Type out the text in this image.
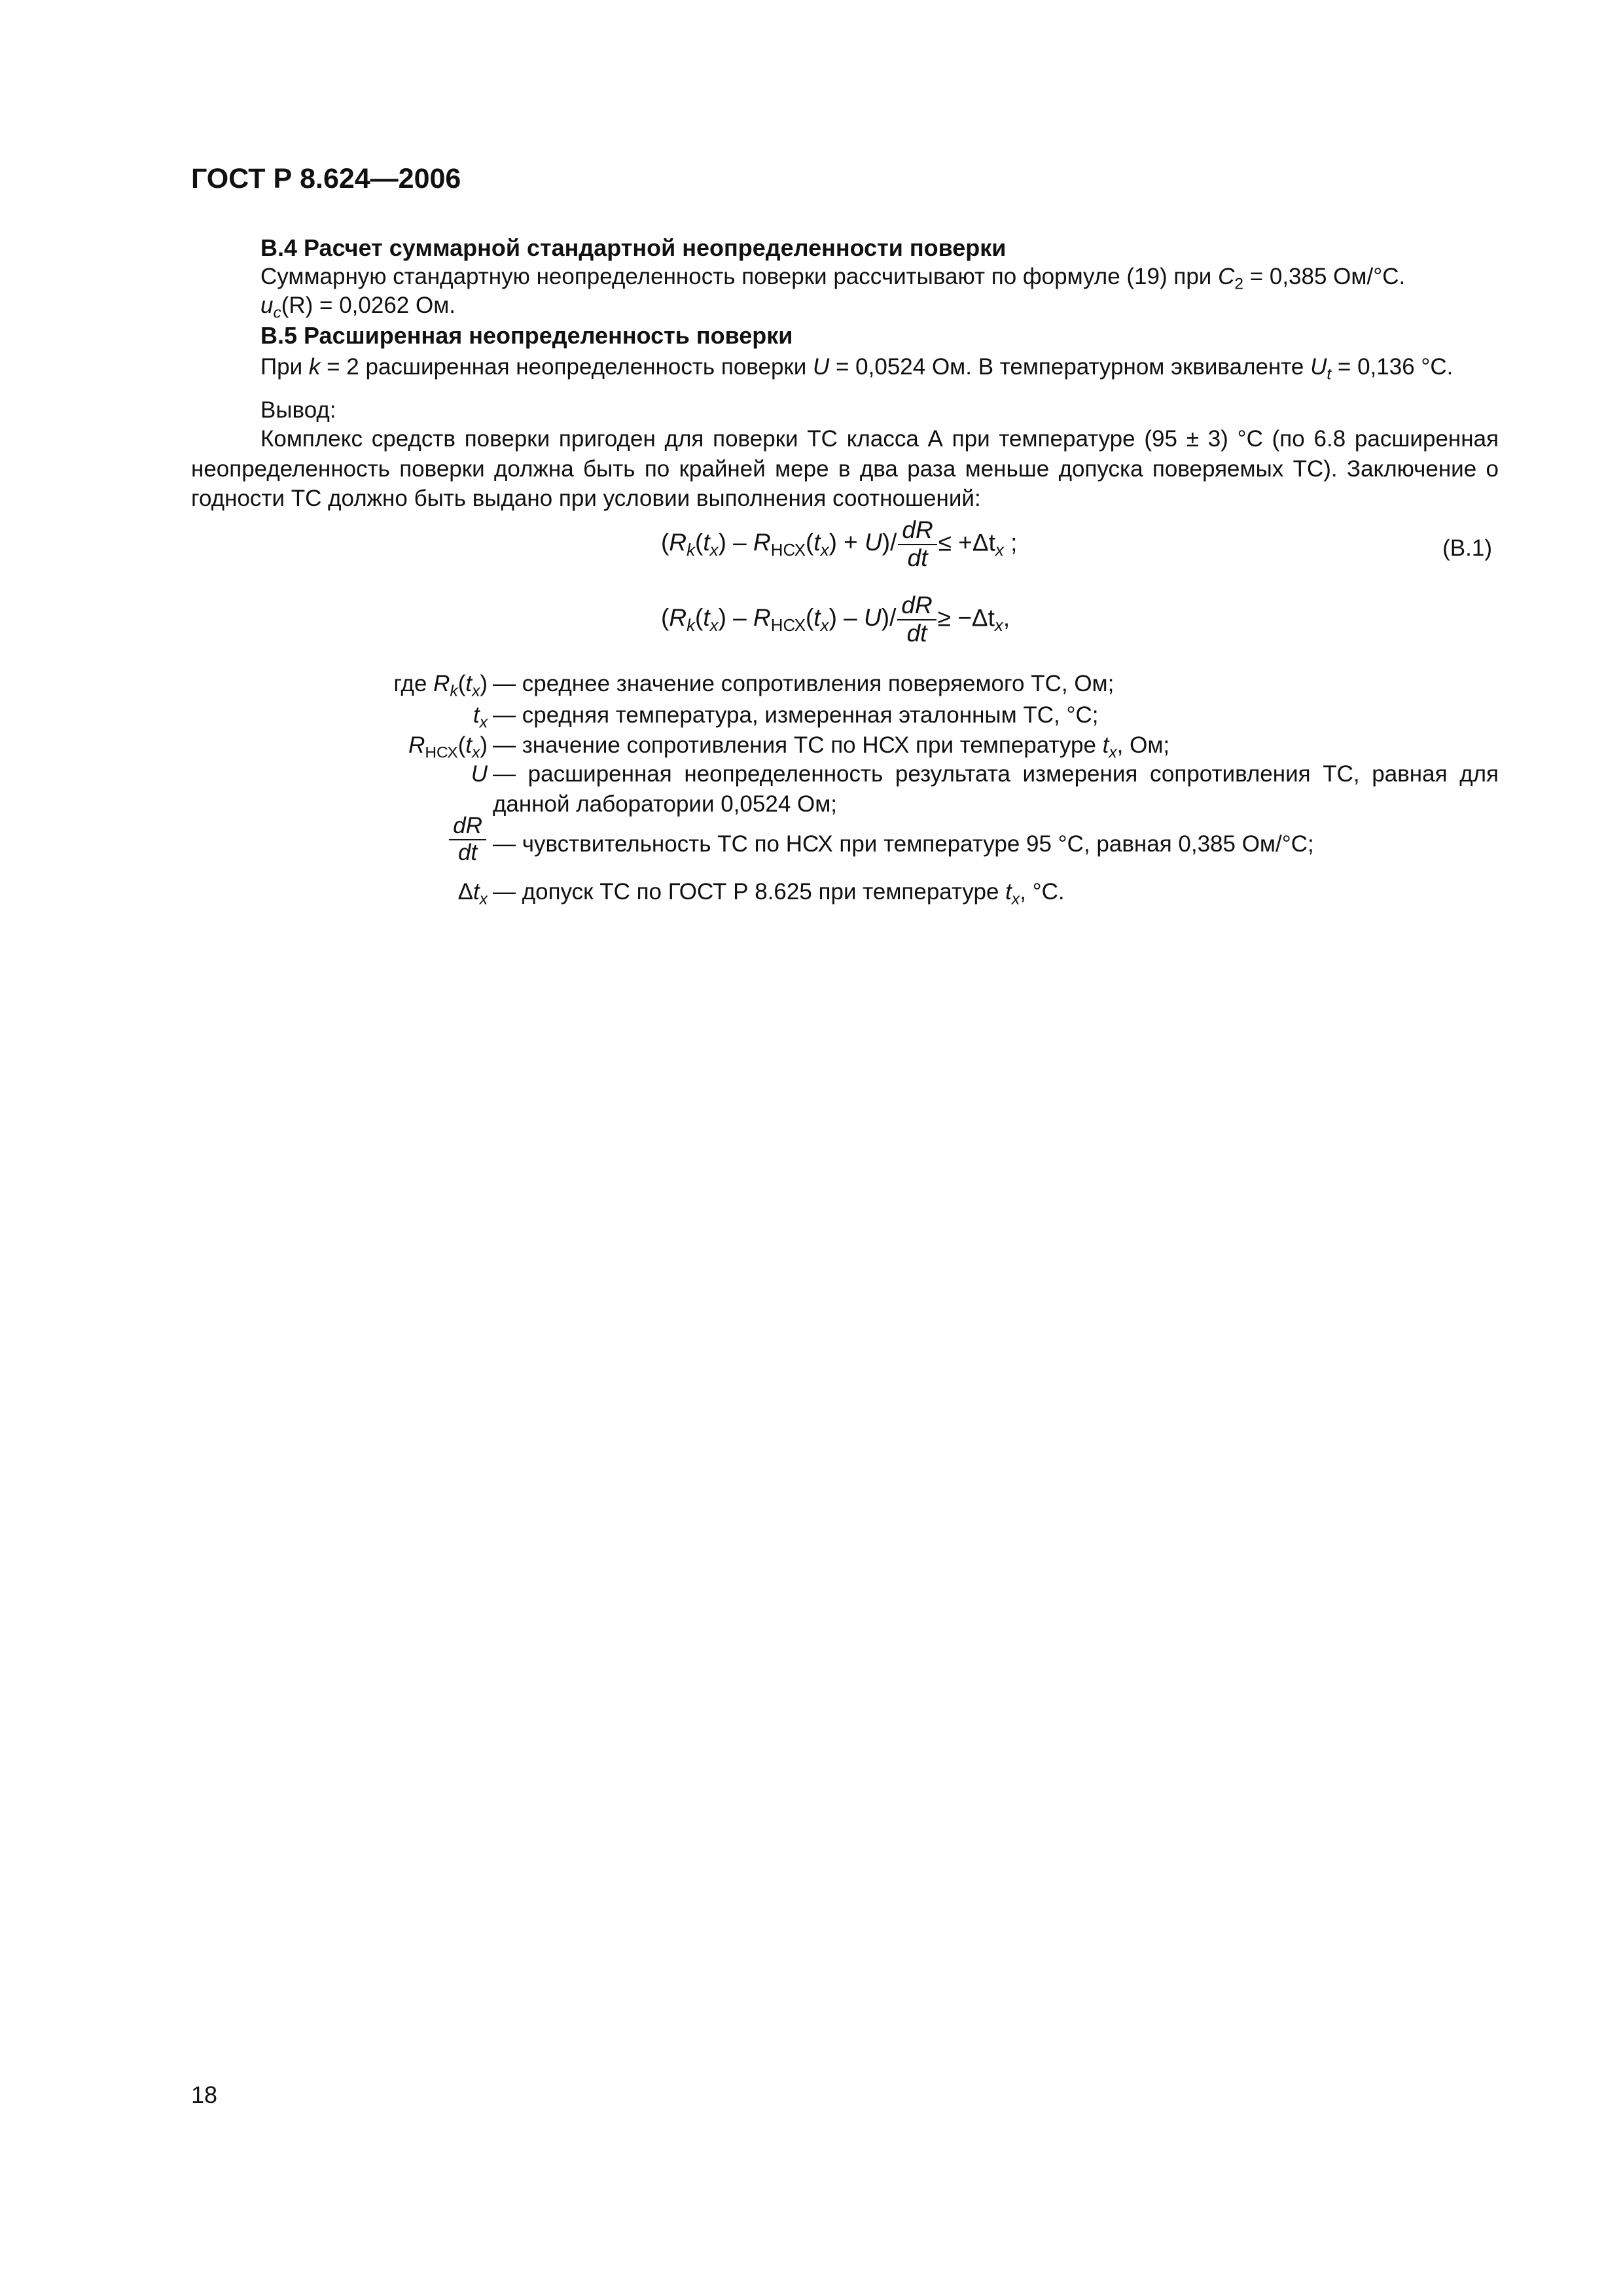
ГОСТ Р 8.624—2006
В.4 Расчет суммарной стандартной неопределенности поверки
Суммарную стандартную неопределенность поверки рассчитывают по формуле (19) при $C_2 = 0,385$ Ом/°С.
$u_c(R) = 0,0262$ Ом.
В.5 Расширенная неопределенность поверки
При k = 2 расширенная неопределенность поверки U = 0,0524 Ом. В температурном эквиваленте $U_t = 0,136$ °С.
Вывод:
Комплекс средств поверки пригоден для поверки ТС класса А при температуре (95 ± 3) °С (по 6.8 расширенная неопределенность поверки должна быть по крайней мере в два раза меньше допуска поверяемых ТС). Заключение о годности ТС должно быть выдано при условии выполнения соотношений:
$(R_k(t_x) - R_{НСХ}(t_x) + U)/ \frac{dR}{dt} \le +\Delta t_x$ ;	(В.1)
$(R_k(t_x) - R_{НСХ}(t_x) - U)/ \frac{dR}{dt} \ge -\Delta t_x$,
где $R_k(t_x)$ — среднее значение сопротивления поверяемого ТС, Ом;
$t_x$ — средняя температура, измеренная эталонным ТС, °С;
$R_{НСХ}(t_x)$ — значение сопротивления ТС по НСХ при температуре $t_x$, Ом;
U — расширенная неопределенность результата измерения сопротивления ТС, равная для данной лаборатории 0,0524 Ом;
$\frac{dR}{dt}$ — чувствительность ТС по НСХ при температуре 95 °С, равная 0,385 Ом/°С;
$\Delta t_x$ — допуск ТС по ГОСТ Р 8.625 при температуре $t_x$, °С.
18
